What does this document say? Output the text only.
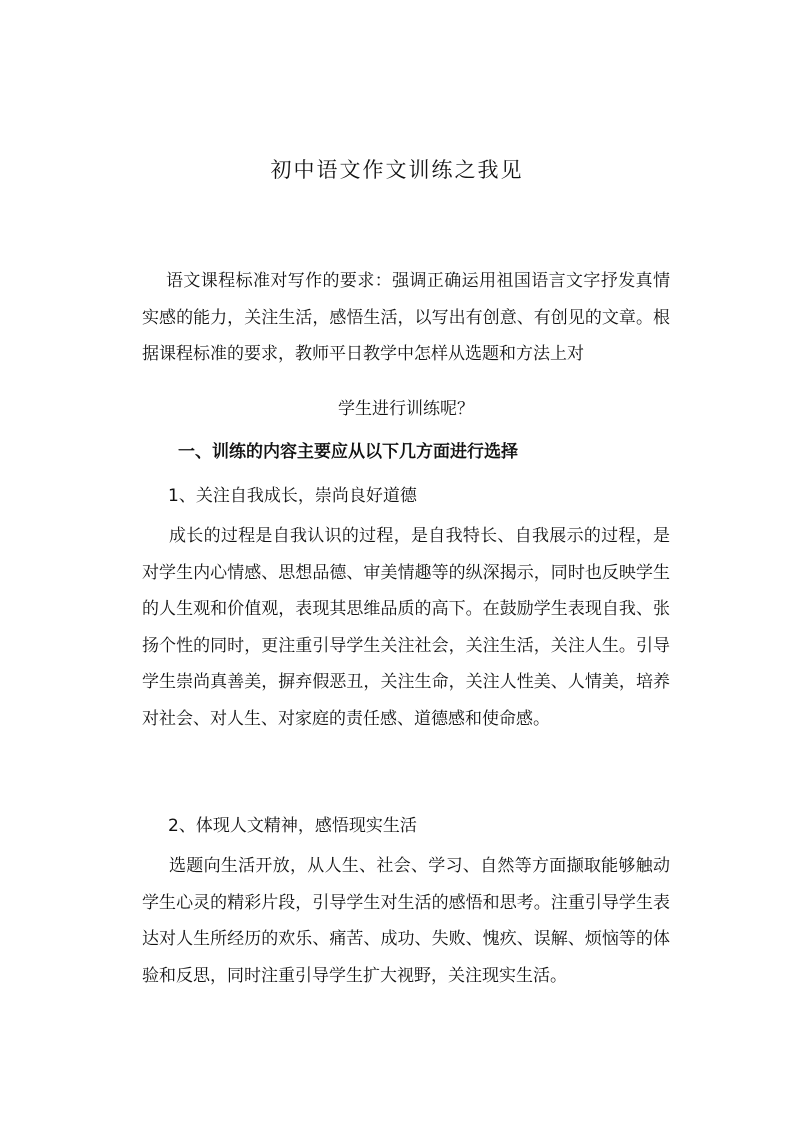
初中语文作文训练之我见

语文课程标准对写作的要求：强调正确运用祖国语言文字抒发真情实感的能力，关注生活，感悟生活，以写出有创意、有创见的文章。根据课程标准的要求，教师平日教学中怎样从选题和方法上对

学生进行训练呢？
一、训练的内容主要应从以下几方面进行选择
1、关注自我成长，崇尚良好道德

成长的过程是自我认识的过程，是自我特长、自我展示的过程，是对学生内心情感、思想品德、审美情趣等的纵深揭示，同时也反映学生的人生观和价值观，表现其思维品质的高下。在鼓励学生表现自我、张扬个性的同时，更注重引导学生关注社会，关注生活，关注人生。引导学生崇尚真善美，摒弃假恶丑，关注生命，关注人性美、人情美，培养对社会、对人生、对家庭的责任感、道德感和使命感。

2、体现人文精神，感悟现实生活

选题向生活开放，从人生、社会、学习、自然等方面撷取能够触动学生心灵的精彩片段，引导学生对生活的感悟和思考。注重引导学生表达对人生所经历的欢乐、痛苦、成功、失败、愧疚、误解、烦恼等的体验和反思，同时注重引导学生扩大视野，关注现实生活。
